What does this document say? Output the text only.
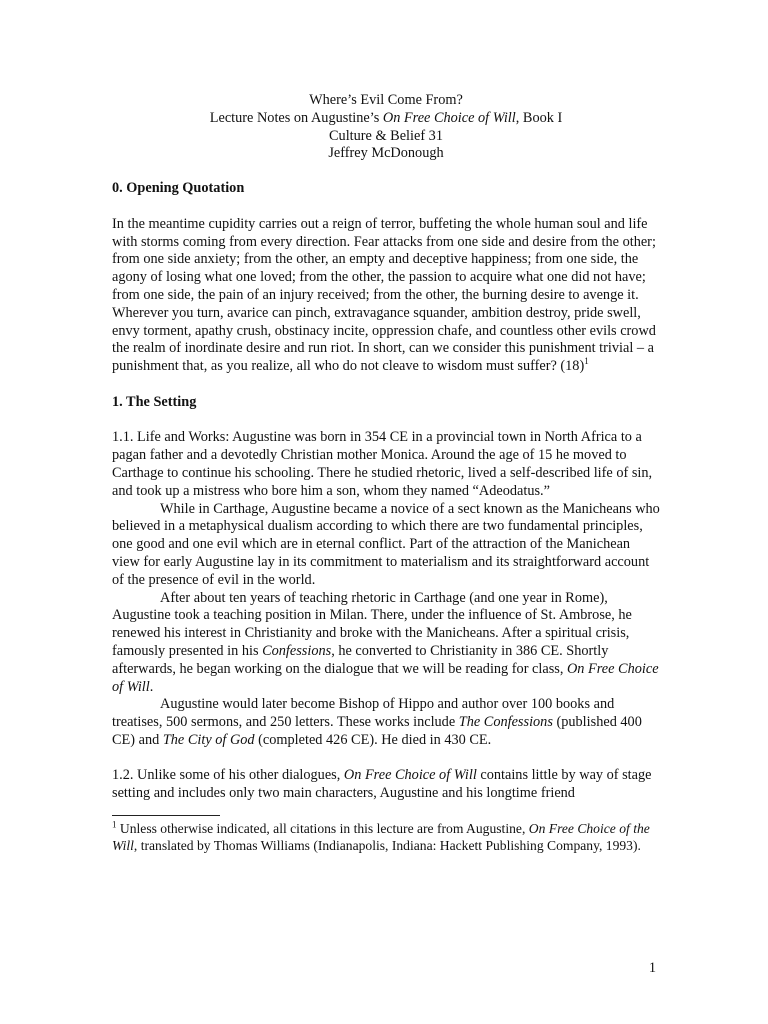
Where’s Evil Come From?
Lecture Notes on Augustine’s On Free Choice of Will, Book I
Culture & Belief 31
Jeffrey McDonough
0. Opening Quotation

In the meantime cupidity carries out a reign of terror, buffeting the whole human soul and life with storms coming from every direction. Fear attacks from one side and desire from the other; from one side anxiety; from the other, an empty and deceptive happiness; from one side, the agony of losing what one loved; from the other, the passion to acquire what one did not have; from one side, the pain of an injury received; from the other, the burning desire to avenge it. Wherever you turn, avarice can pinch, extravagance squander, ambition destroy, pride swell, envy torment, apathy crush, obstinacy incite, oppression chafe, and countless other evils crowd the realm of inordinate desire and run riot. In short, can we consider this punishment trivial – a punishment that, as you realize, all who do not cleave to wisdom must suffer? $(18)^1$

1. The Setting

1.1. Life and Works: Augustine was born in 354 CE in a provincial town in North Africa to a pagan father and a devotedly Christian mother Monica. Around the age of 15 he moved to Carthage to continue his schooling. There he studied rhetoric, lived a self-described life of sin, and took up a mistress who bore him a son, whom they named “Adeodatus.”

While in Carthage, Augustine became a novice of a sect known as the Manicheans who believed in a metaphysical dualism according to which there are two fundamental principles, one good and one evil which are in eternal conflict. Part of the attraction of the Manichean view for early Augustine lay in its commitment to materialism and its straightforward account of the presence of evil in the world.

After about ten years of teaching rhetoric in Carthage (and one year in Rome), Augustine took a teaching position in Milan. There, under the influence of St. Ambrose, he renewed his interest in Christianity and broke with the Manicheans. After a spiritual crisis, famously presented in his Confessions, he converted to Christianity in 386 CE. Shortly afterwards, he began working on the dialogue that we will be reading for class, On Free Choice of Will.

Augustine would later become Bishop of Hippo and author over 100 books and treatises, 500 sermons, and 250 letters. These works include The Confessions (published 400 CE) and The City of God (completed 426 CE). He died in 430 CE.

1.2. Unlike some of his other dialogues, On Free Choice of Will contains little by way of stage setting and includes only two main characters, Augustine and his longtime friend

$^1$ Unless otherwise indicated, all citations in this lecture are from Augustine, On Free Choice of the Will, translated by Thomas Williams (Indianapolis, Indiana: Hackett Publishing Company, 1993).

1
